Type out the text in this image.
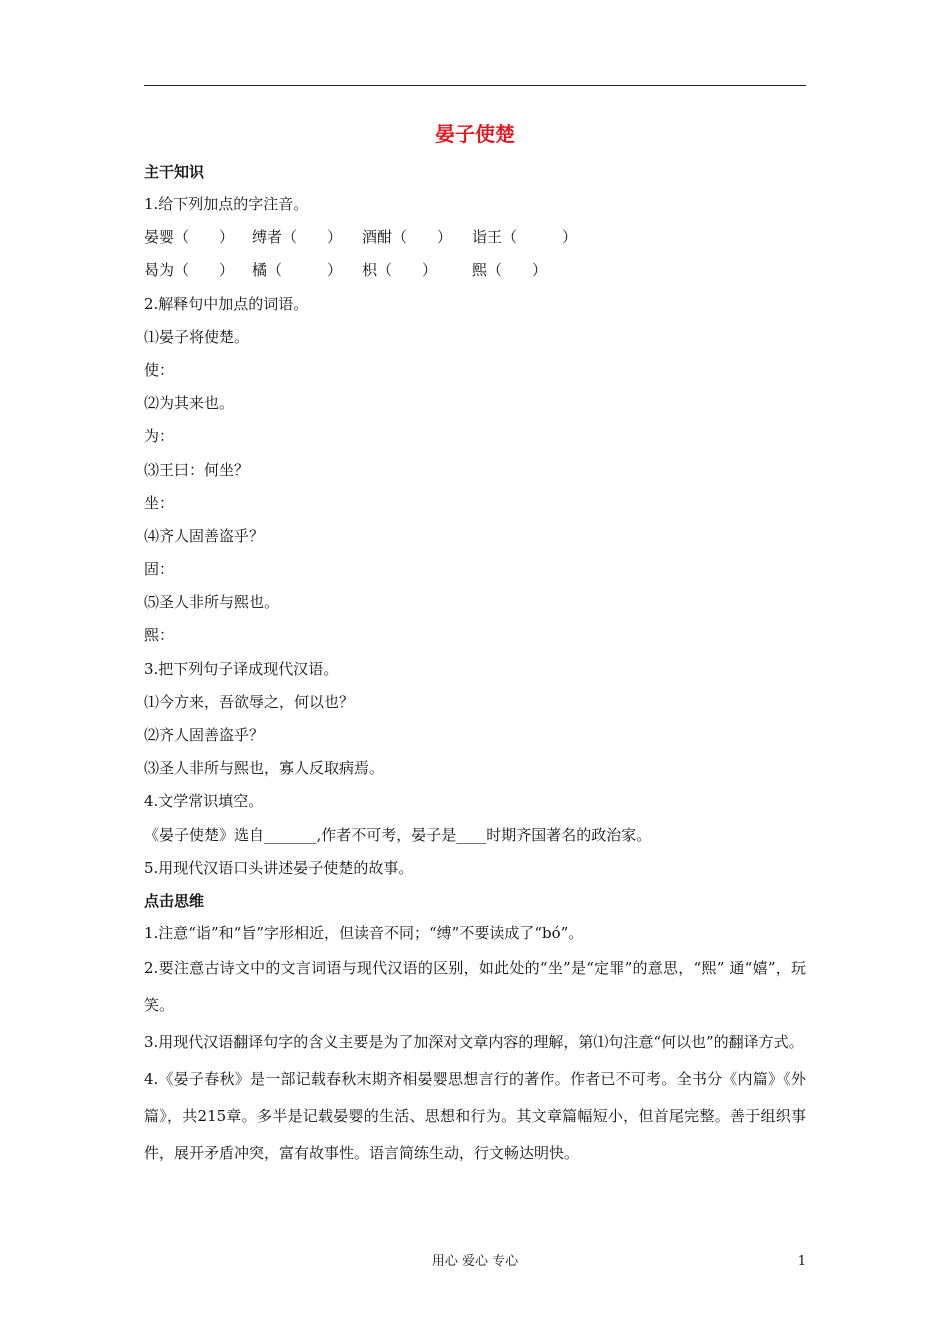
晏子使楚
主干知识
1.给下列加点的字注音。
晏婴（　　）	缚者（　　）	酒酣（　　）	诣王（　　　）
曷为（　　）	橘（　　　）	枳（　　）	熙（　　）
2.解释句中加点的词语。
⑴晏子将使楚。
使：
⑵为其来也。
为：
⑶王曰：何坐？
坐：
⑷齐人固善盗乎？
固：
⑸圣人非所与熙也。
熙：
3.把下列句子译成现代汉语。
⑴今方来，吾欲辱之，何以也？
⑵齐人固善盗乎？
⑶圣人非所与熙也，寡人反取病焉。
4.文学常识填空。
《晏子使楚》选自_______,作者不可考，晏子是____时期齐国著名的政治家。
5.用现代汉语口头讲述晏子使楚的故事。
点击思维
1.注意“诣”和“旨”字形相近，但读音不同；“缚”不要读成了“bó”。
2.要注意古诗文中的文言词语与现代汉语的区别，如此处的“坐”是“定罪”的意思，“熙” 通“嬉”，玩笑。
3.用现代汉语翻译句字的含义主要是为了加深对文章内容的理解，第⑴句注意“何以也”的翻译方式。
4.《晏子春秋》是一部记载春秋末期齐相晏婴思想言行的著作。作者已不可考。全书分《内篇》《外篇》，共215章。多半是记载晏婴的生活、思想和行为。其文章篇幅短小，但首尾完整。善于组织事件，展开矛盾冲突，富有故事性。语言简练生动，行文畅达明快。
用心 爱心 专心	1
